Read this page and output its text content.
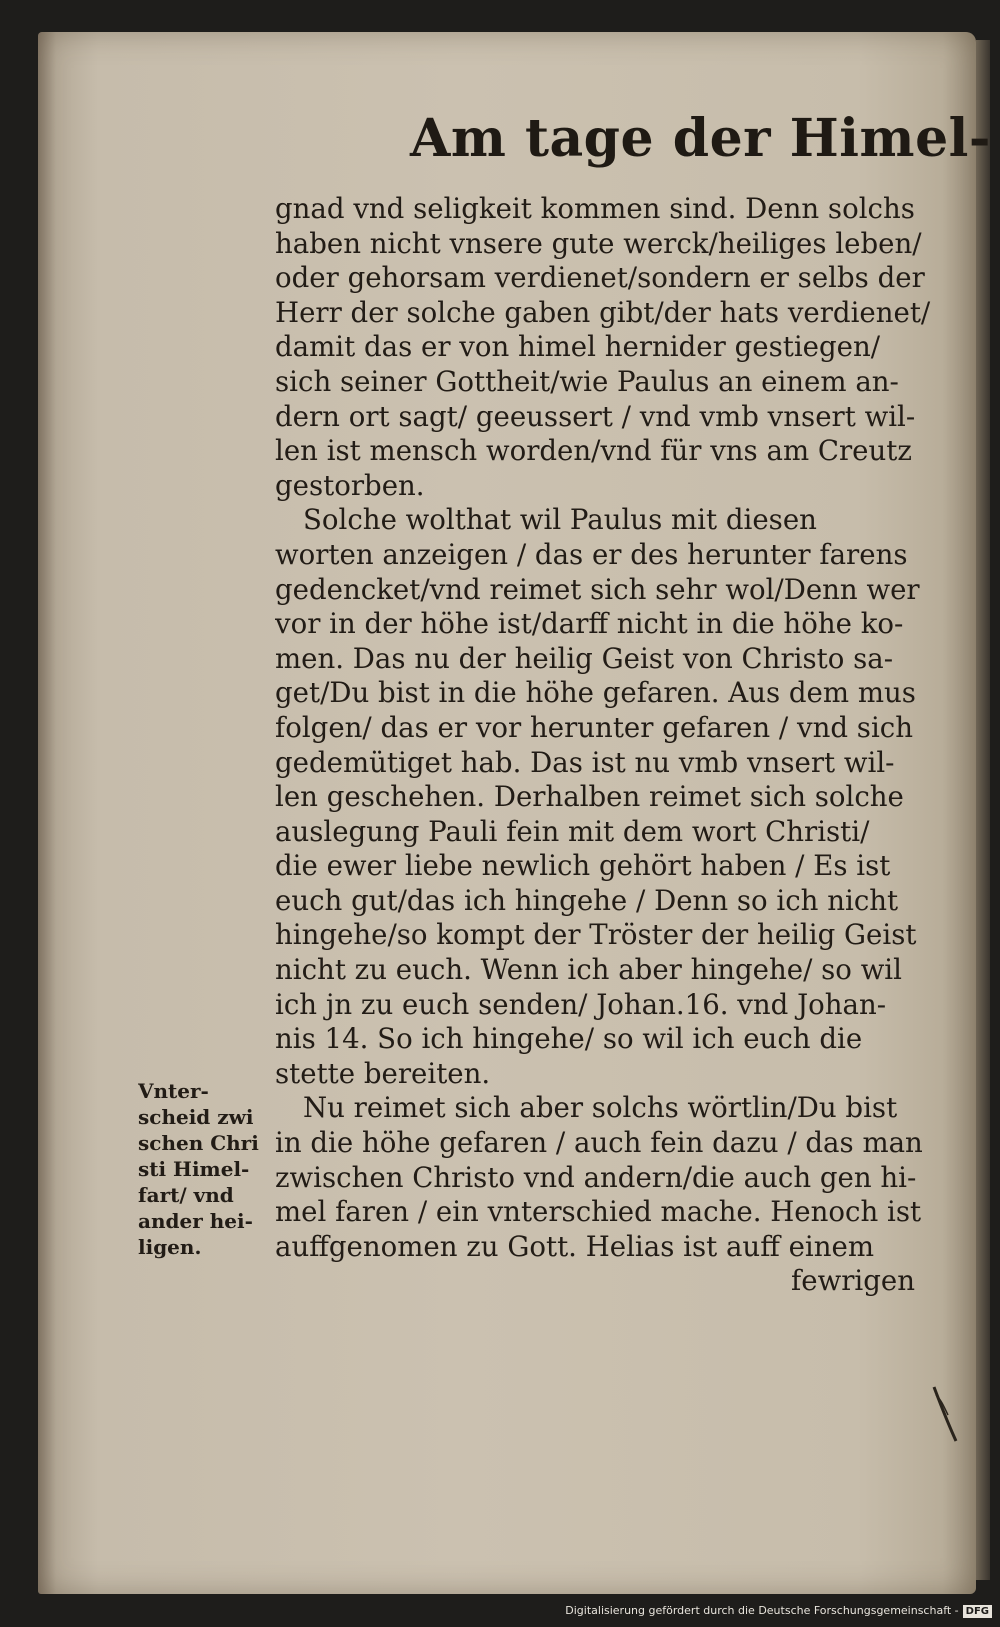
Am tage der Himel-
gnad vnd seligkeit kommen sind. Denn solchs
haben nicht vnsere gute werck/heiliges leben/
oder gehorsam verdienet/sondern er selbs der
Herr der solche gaben gibt/der hats verdienet/
damit das er von himel hernider gestiegen/
sich seiner Gottheit/wie Paulus an einem an-
dern ort sagt/ geeussert / vnd vmb vnsert wil-
len ist mensch worden/vnd für vns am Creutz
gestorben.
Solche wolthat wil Paulus mit diesen
worten anzeigen / das er des herunter farens
gedencket/vnd reimet sich sehr wol/Denn wer
vor in der höhe ist/darff nicht in die höhe ko-
men. Das nu der heilig Geist von Christo sa-
get/Du bist in die höhe gefaren. Aus dem mus
folgen/ das er vor herunter gefaren / vnd sich
gedemütiget hab. Das ist nu vmb vnsert wil-
len geschehen. Derhalben reimet sich solche
auslegung Pauli fein mit dem wort Christi/
die ewer liebe newlich gehört haben / Es ist
euch gut/das ich hingehe / Denn so ich nicht
hingehe/so kompt der Tröster der heilig Geist
nicht zu euch. Wenn ich aber hingehe/ so wil
ich jn zu euch senden/ Johan.16. vnd Johan-
nis 14. So ich hingehe/ so wil ich euch die
stette bereiten.
Nu reimet sich aber solchs wörtlin/Du bist
in die höhe gefaren / auch fein dazu / das man
zwischen Christo vnd andern/die auch gen hi-
mel faren / ein vnterschied mache. Henoch ist
auffgenomen zu Gott. Helias ist auff einem
fewrigen
Vnter-
scheid zwi
schen Chri
sti Himel-
fart/ vnd
ander hei-
ligen.
Digitalisierung gefördert durch die Deutsche Forschungsgemeinschaft - DFG
